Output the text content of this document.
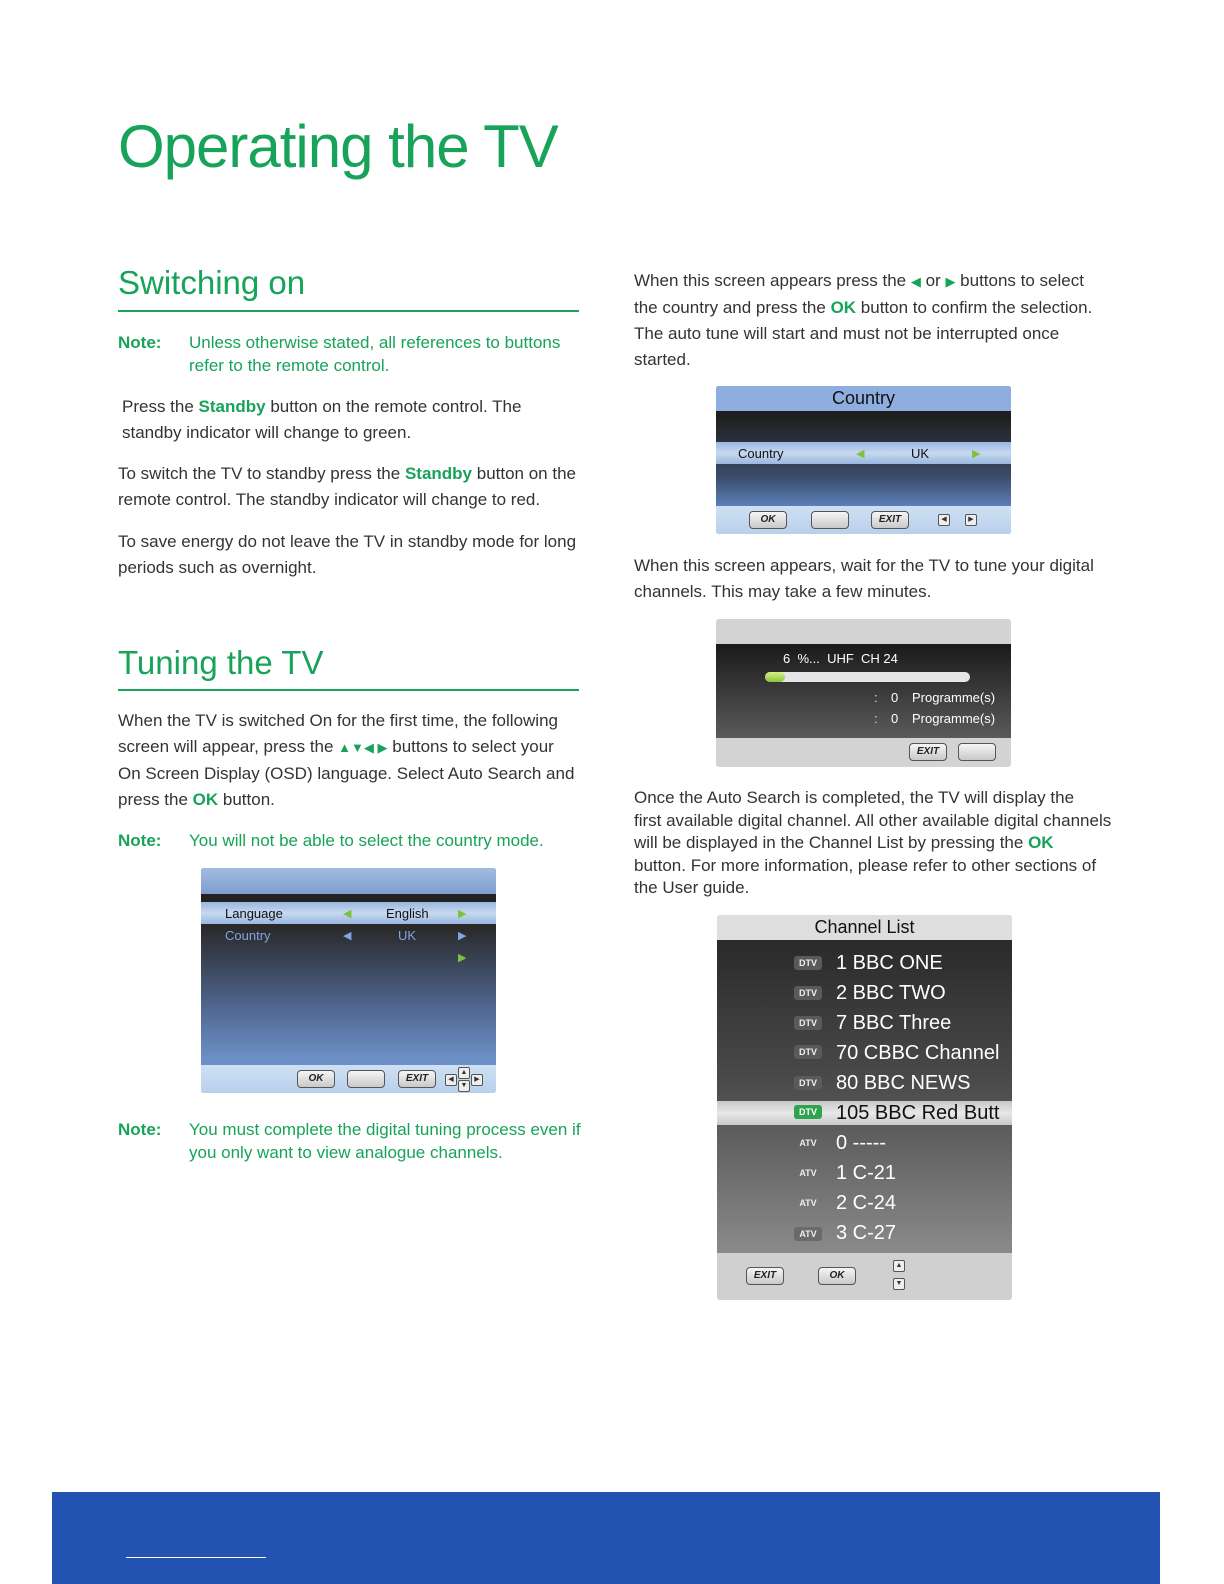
Operating the TV
Switching on
Note:	Unless otherwise stated, all references to buttons
refer to the remote control.

Press the Standby button on the remote control. The
standby indicator will change to green.

To switch the TV to standby press the Standby button on the
remote control. The standby indicator will change to red.

To save energy do not leave the TV in standby mode for long
periods such as overnight.

Tuning the TV

When the TV is switched On for the first time, the following
screen will appear, press the ▲▼◀ ▶ buttons to select your
On Screen Display (OSD) language. Select Auto Search and
press the OK button.

Note:	You will not be able to select the country mode.
Language	◀	English	▶
Country	◀	UK	▶
▶
OK	EXIT	◀
▲
▼
▶
Note:	You must complete the digital tuning process even if
you only want to view analogue channels.

When this screen appears press the ◀ or ▶ buttons to select
the country and press the OK button to confirm the selection.
The auto tune will start and must not be interrupted once
started.

Country
Country	◀	UK	▶
OK	EXIT	◀	▶

When this screen appears, wait for the TV to tune your digital
channels. This may take a few minutes.

6  %...  UHF  CH 24
: 0 Programme(s)
: 0 Programme(s)
EXIT

Once the Auto Search is completed, the TV will display the
first available digital channel. All other available digital channels
will be displayed in the Channel List by pressing the OK
button. For more information, please refer to other sections of
the User guide.

Channel List
DTV 1 BBC ONE
DTV 2 BBC TWO
DTV 7 BBC Three
DTV 70 CBBC Channel
DTV 80 BBC NEWS
DTV 105 BBC Red Butt
ATV 0 -----
ATV 1 C-21
ATV 2 C-24
ATV 3 C-27
EXIT	OK
▲
▼
